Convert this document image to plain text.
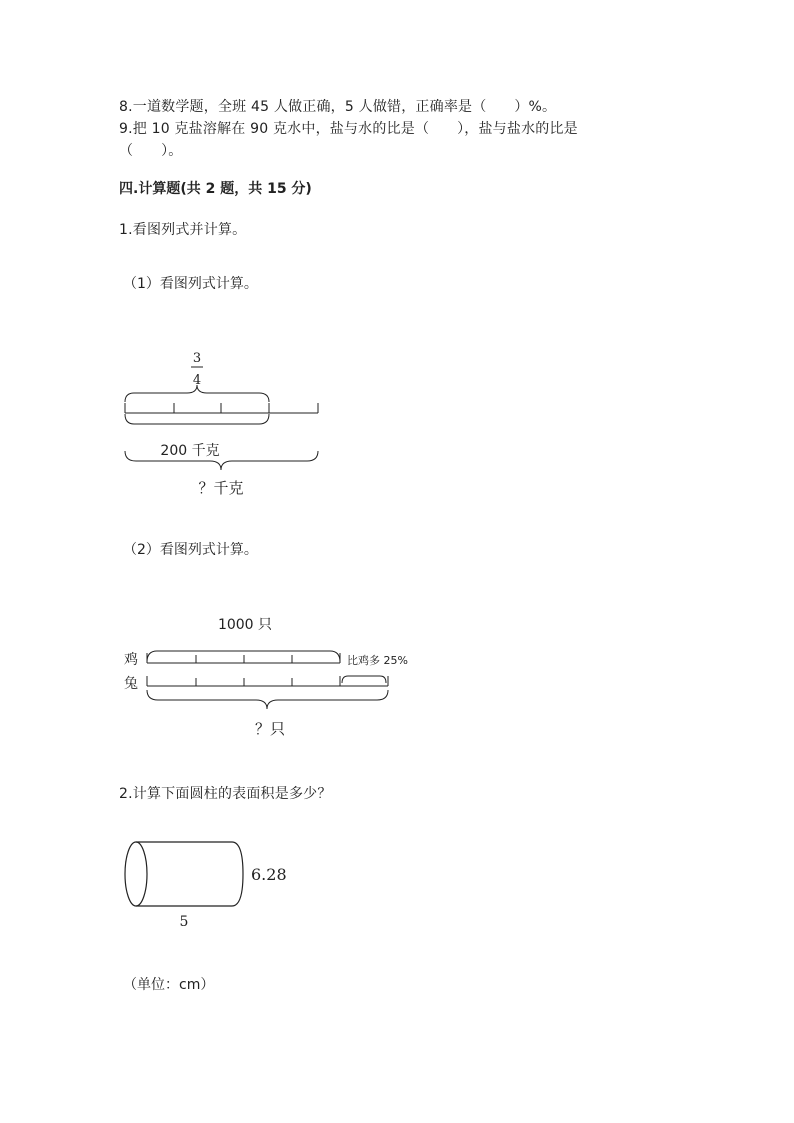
8.一道数学题，全班 45 人做正确，5 人做错，正确率是（      ）%。
9.把 10 克盐溶解在 90 克水中，盐与水的比是（      ），盐与盐水的比是
（      ）。
四.计算题(共 2 题，共 15 分)
1.看图列式并计算。
（1）看图列式计算。
3
4
200 千克
？千克
1000 只
鸡
兔
比鸡多 25%
？只
6.28
5
（2）看图列式计算。
2.计算下面圆柱的表面积是多少？
（单位：cm）
